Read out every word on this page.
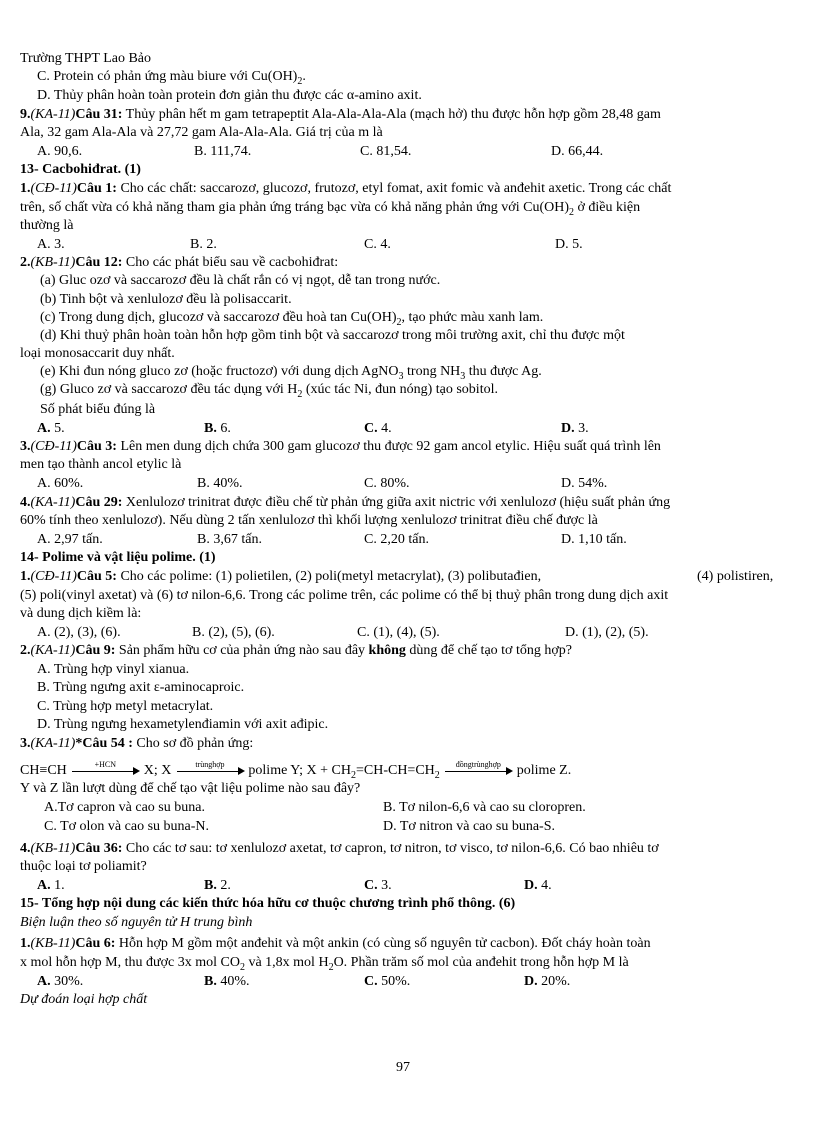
Trường THPT Lao Bảo
C. Protein có phản ứng màu biure với $Cu(OH)_2$.
D. Thủy phân hoàn toàn protein đơn giản thu được các α-amino axit.
9.(KA-11)Câu 31: Thủy phân hết m gam tetrapeptit Ala-Ala-Ala-Ala (mạch hở) thu được hỗn hợp gồm 28,48 gam
Ala, 32 gam Ala-Ala và 27,72 gam Ala-Ala-Ala. Giá trị của m là
A. 90,6.	B. 111,74.	C. 81,54.	D. 66,44.
13- Cacbohiđrat. (1)
1.(CĐ-11)Câu 1: Cho các chất: saccarozơ, glucozơ, frutozơ, etyl fomat, axit fomic và anđehit axetic. Trong các chất
trên, số chất vừa có khả năng tham gia phản ứng tráng bạc vừa có khả năng phản ứng với $Cu(OH)_2$ ở điều kiện
thường là
A. 3.	B. 2.	C. 4.	D. 5.
2.(KB-11)Câu 12: Cho các phát biểu sau về cacbohiđrat:
(a) Gluc ozơ và saccarozơ đều là chất rắn có vị ngọt, dễ tan trong nước.
(b) Tinh bột và xenlulozơ đều là polisaccarit.
(c) Trong dung dịch, glucozơ và saccarozơ đều hoà $\tan Cu(OH)_2$, tạo phức màu xanh lam.
(d) Khi thuỷ phân hoàn toàn hỗn hợp gồm tinh bột và saccarozơ trong môi trường axit, chỉ thu được một
loại monosaccarit duy nhất.
(e) Khi đun nóng gluco zơ (hoặc fructozơ) với dung dịch AgNO$_3$ trong $NH_3$ thu được Ag.
(g) Gluco zơ và saccarozơ đều tác dụng với $H_2$ (xúc tác Ni, đun nóng) tạo sobitol.
Số phát biểu đúng là
A. 5.	B. 6.	C. 4.	D. 3.
3.(CĐ-11)Câu 3: Lên men dung dịch chứa 300 gam glucozơ thu được 92 gam ancol etylic. Hiệu suất quá trình lên
men tạo thành ancol etylic là
A. 60%.	B. 40%.	C. 80%.	D. 54%.
4.(KA-11)Câu 29: Xenlulozơ trinitrat được điều chế từ phản ứng giữa axit nictric với xenlulozơ (hiệu suất phản ứng
60% tính theo xenlulozơ). Nếu dùng 2 tấn xenlulozơ thì khối lượng xenlulozơ trinitrat điều chế được là
A. 2,97 tấn.	B. 3,67 tấn.	C. 2,20 tấn.	D. 1,10 tấn.
14- Polime và vật liệu polime. (1)
1.(CĐ-11)Câu 5: Cho các polime: (1) polietilen, (2) poli(metyl metacrylat), (3) polibutađien,	(4) polistiren,
(5) poli(vinyl axetat) và (6) tơ nilon-6,6. Trong các polime trên, các polime có thể bị thuỷ phân trong dung dịch axit
và dung dịch kiềm là:
A. (2), (3), (6).	B. (2), (5), (6).	C. (1), (4), (5).	D. (1), (2), (5).
2.(KA-11)Câu 9: Sản phẩm hữu cơ của phản ứng nào sau đây không dùng để chế tạo tơ tổng hợp?
A. Trùng hợp vinyl xianua.
B. Trùng ngưng axit ε-aminocaproic.
C. Trùng hợp metyl metacrylat.
D. Trùng ngưng hexametylenđiamin với axit ađipic.
3.(KA-11)*Câu 54 : Cho sơ đồ phản ứng:
CH≡CH	+HCN	X; X	trùnghợp	polime Y; $X + CH_2=CH-CH=CH_2$
đồngtrùnghợp	polime Z.
Y và Z lần lượt dùng để chế tạo vật liệu polime nào sau đây?
A.Tơ capron và cao su buna.	B. Tơ nilon-6,6 và cao su cloropren.
C. Tơ olon và cao su buna-N.	D. Tơ nitron và cao su buna-S.
4.(KB-11)Câu 36: Cho các tơ sau: tơ xenlulozơ axetat, tơ capron, tơ nitron, tơ visco, tơ nilon-6,6. Có bao nhiêu tơ
thuộc loại tơ poliamit?
A. 1.	B. 2.	C. 3.	D. 4.
15- Tổng hợp nội dung các kiến thức hóa hữu cơ thuộc chương trình phổ thông. (6)
Biện luận theo số nguyên tử H trung bình
1.(KB-11)Câu 6: Hỗn hợp M gồm một anđehit và một ankin (có cùng số nguyên tử cacbon). Đốt cháy hoàn toàn
x mol hỗn hợp M, thu được 3x mol $CO_2$ và 1,8x mol $H_2O$. Phần trăm số mol của anđehit trong hỗn hợp M là
A. 30%.	B. 40%.	C. 50%.	D. 20%.
Dự đoán loại hợp chất
97
